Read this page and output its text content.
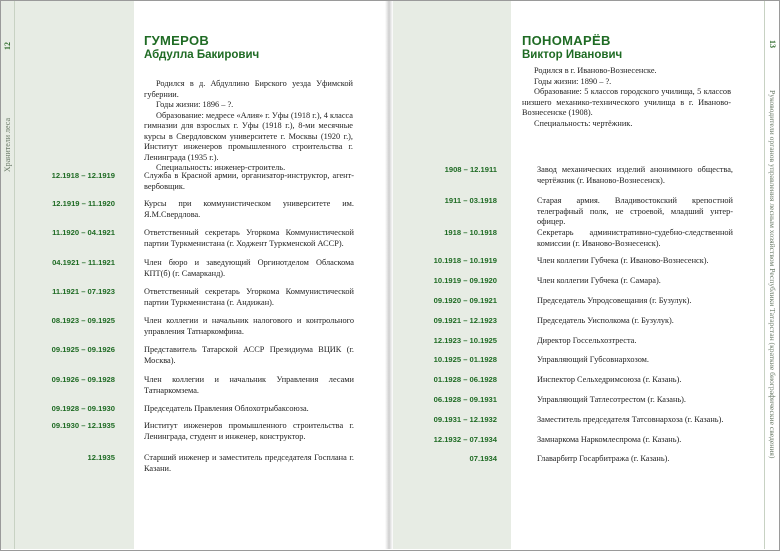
12
Хранители леса
13
Руководители органов управления лесным хозяйством Республики Татарстан (краткие биографические сведения)
ГУМЕРОВ
Абдулла Бакирович

Родился в д. Абдуллино Бирского уезда Уфимской губернии.

Годы жизни: 1896 – ?.

Образование: медресе «Алия» г. Уфы (1918 г.), 4 класса гимназии для взрослых г. Уфы (1918 г.), 8-ми месячные курсы в Свердловском университете г. Москвы (1920 г.), Институт инженеров промышленного строительства г. Ленинграда (1935 г.).

Специальность: инженер-строитель.

12.1918 – 12.1919	Служба в Красной армии, организатор-инструктор, агент-вербовщик.
12.1919 – 11.1920	Курсы при коммунистическом университете им. Я.М.Свердлова.
11.1920 – 04.1921	Ответственный секретарь Угоркома Коммунистической партии Туркменистана (г. Ходжент Туркменской АССР).
04.1921 – 11.1921	Член бюро и заведующий Оргинотделом Обласкома КПТ(б) (г. Самарканд).
11.1921 – 07.1923	Ответственный секретарь Угоркома Коммунистической партии Туркменистана (г. Андижан).
08.1923 – 09.1925	Член коллегии и начальник налогового и контрольного управления Татнаркомфина.
09.1925 – 09.1926	Представитель Татарской АССР Президиума ВЦИК (г. Москва).
09.1926 – 09.1928	Член коллегии и начальник Управления лесами Татнаркомзема.
09.1928 – 09.1930	Председатель Правления Облохотрыбаксоюза.
09.1930 – 12.1935	Институт инженеров промышленного строительства г. Ленинграда, студент и инженер, конструктор.
12.1935	Старший инженер и заместитель председателя Госплана г. Казани.
ПОНОМАРЁВ
Виктор Иванович

Родился в г. Иваново-Вознесенске.

Годы жизни: 1890 – ?.

Образование: 5 классов городского училища, 5 классов низшего механико-технического училища в г. Иваново-Вознесенске (1908).

Специальность: чертёжник.

1908 – 12.1911	Завод механических изделий анонимного общества, чертёжник (г. Иваново-Вознесенск).
1911 – 03.1918	Старая армия. Владивостокский крепостной телеграфный полк, не строевой, младший унтер-офицер.
1918 – 10.1918	Секретарь административно-судебно-следственной комиссии (г. Иваново-Вознесенск).
10.1918 – 10.1919	Член коллегии Губчека (г. Иваново-Вознесенск).
10.1919 – 09.1920	Член коллегии Губчека (г. Самара).
09.1920 – 09.1921	Председатель Упродсовещания (г. Бузулук).
09.1921 – 12.1923	Председатель Уисполкома (г. Бузулук).
12.1923 – 10.1925	Директор Госсельхозтреста.
10.1925 – 01.1928	Управляющий Губсовнархозом.
01.1928 – 06.1928	Инспектор Сельхедримсоюза (г. Казань).
06.1928 – 09.1931	Управляющий Татлесотрестом (г. Казань).
09.1931 – 12.1932	Заместитель председателя Татсовнархоза (г. Казань).
12.1932 – 07.1934	Замнаркома Наркомлеспрома (г. Казань).
07.1934	Главарбитр Госарбитража (г. Казань).
